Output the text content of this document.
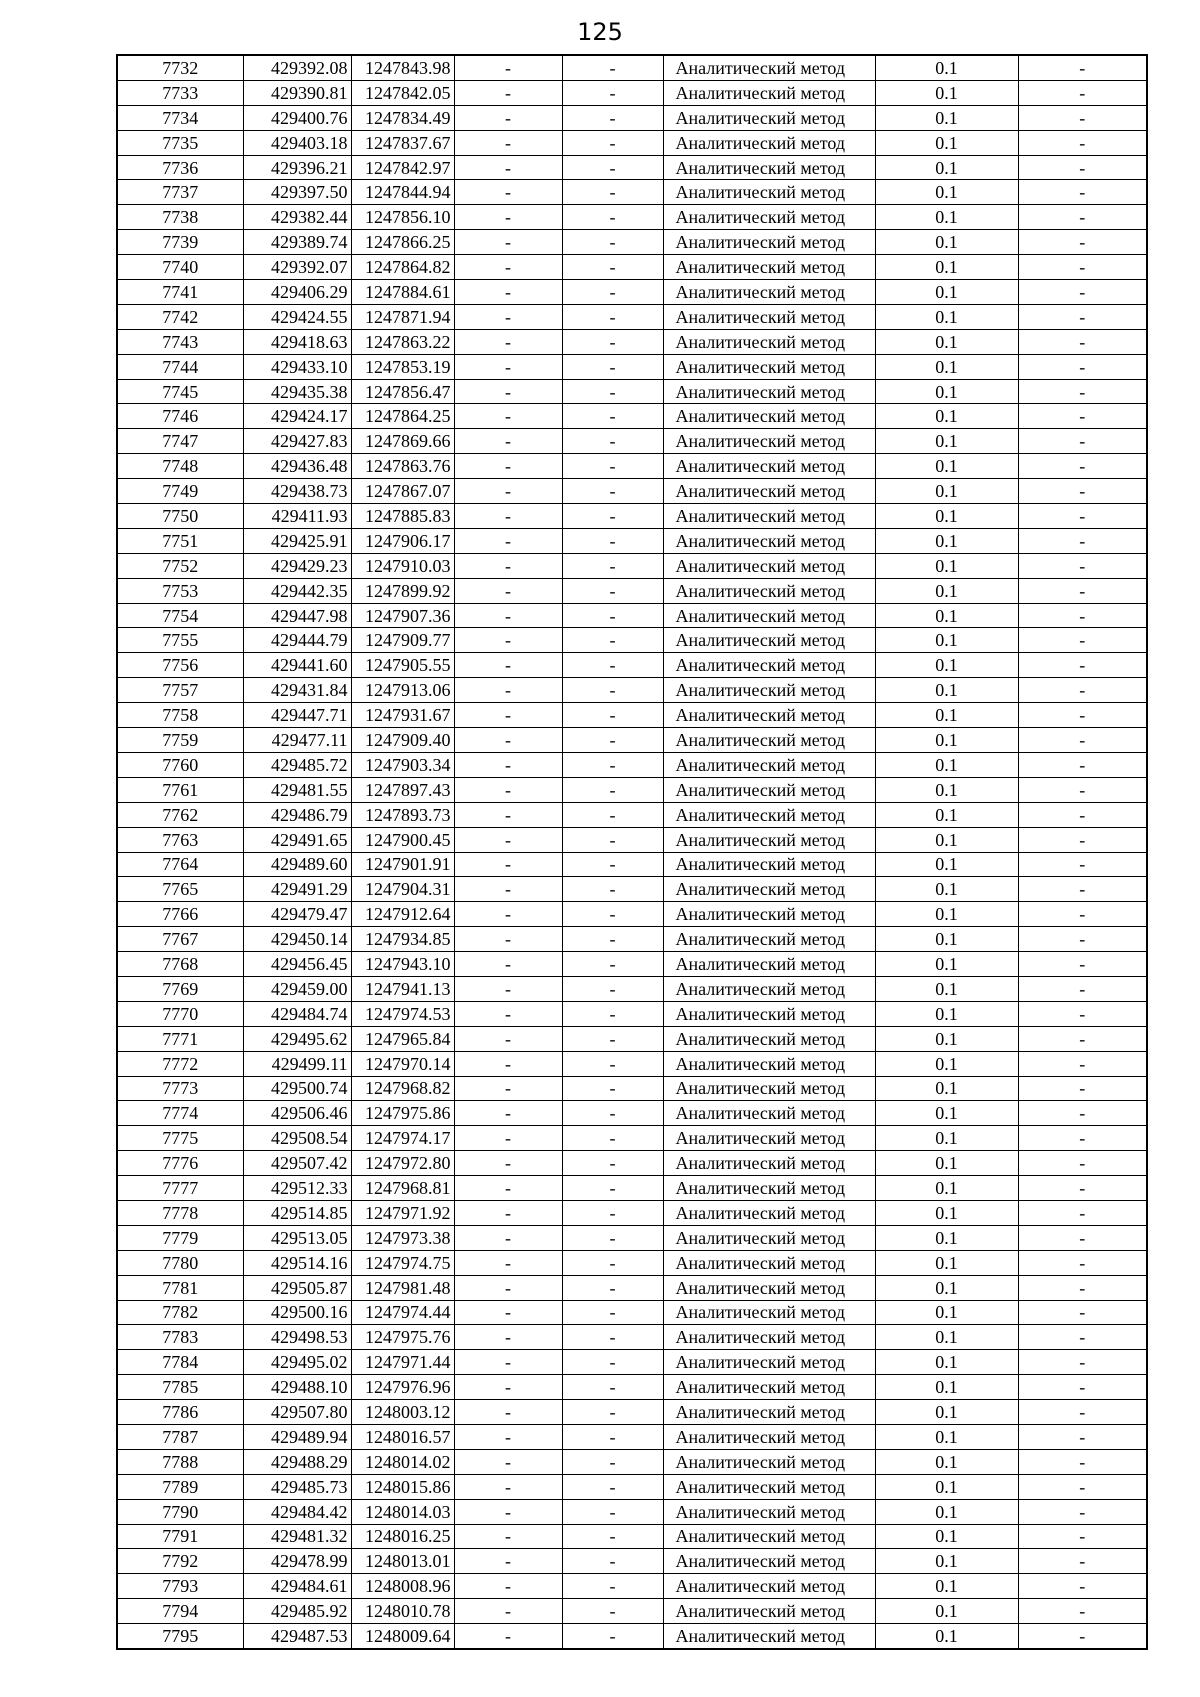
125
7732	429392.08	1247843.98	-	-	Аналитический метод	0.1	-
7733	429390.81	1247842.05	-	-	Аналитический метод	0.1	-
7734	429400.76	1247834.49	-	-	Аналитический метод	0.1	-
7735	429403.18	1247837.67	-	-	Аналитический метод	0.1	-
7736	429396.21	1247842.97	-	-	Аналитический метод	0.1	-
7737	429397.50	1247844.94	-	-	Аналитический метод	0.1	-
7738	429382.44	1247856.10	-	-	Аналитический метод	0.1	-
7739	429389.74	1247866.25	-	-	Аналитический метод	0.1	-
7740	429392.07	1247864.82	-	-	Аналитический метод	0.1	-
7741	429406.29	1247884.61	-	-	Аналитический метод	0.1	-
7742	429424.55	1247871.94	-	-	Аналитический метод	0.1	-
7743	429418.63	1247863.22	-	-	Аналитический метод	0.1	-
7744	429433.10	1247853.19	-	-	Аналитический метод	0.1	-
7745	429435.38	1247856.47	-	-	Аналитический метод	0.1	-
7746	429424.17	1247864.25	-	-	Аналитический метод	0.1	-
7747	429427.83	1247869.66	-	-	Аналитический метод	0.1	-
7748	429436.48	1247863.76	-	-	Аналитический метод	0.1	-
7749	429438.73	1247867.07	-	-	Аналитический метод	0.1	-
7750	429411.93	1247885.83	-	-	Аналитический метод	0.1	-
7751	429425.91	1247906.17	-	-	Аналитический метод	0.1	-
7752	429429.23	1247910.03	-	-	Аналитический метод	0.1	-
7753	429442.35	1247899.92	-	-	Аналитический метод	0.1	-
7754	429447.98	1247907.36	-	-	Аналитический метод	0.1	-
7755	429444.79	1247909.77	-	-	Аналитический метод	0.1	-
7756	429441.60	1247905.55	-	-	Аналитический метод	0.1	-
7757	429431.84	1247913.06	-	-	Аналитический метод	0.1	-
7758	429447.71	1247931.67	-	-	Аналитический метод	0.1	-
7759	429477.11	1247909.40	-	-	Аналитический метод	0.1	-
7760	429485.72	1247903.34	-	-	Аналитический метод	0.1	-
7761	429481.55	1247897.43	-	-	Аналитический метод	0.1	-
7762	429486.79	1247893.73	-	-	Аналитический метод	0.1	-
7763	429491.65	1247900.45	-	-	Аналитический метод	0.1	-
7764	429489.60	1247901.91	-	-	Аналитический метод	0.1	-
7765	429491.29	1247904.31	-	-	Аналитический метод	0.1	-
7766	429479.47	1247912.64	-	-	Аналитический метод	0.1	-
7767	429450.14	1247934.85	-	-	Аналитический метод	0.1	-
7768	429456.45	1247943.10	-	-	Аналитический метод	0.1	-
7769	429459.00	1247941.13	-	-	Аналитический метод	0.1	-
7770	429484.74	1247974.53	-	-	Аналитический метод	0.1	-
7771	429495.62	1247965.84	-	-	Аналитический метод	0.1	-
7772	429499.11	1247970.14	-	-	Аналитический метод	0.1	-
7773	429500.74	1247968.82	-	-	Аналитический метод	0.1	-
7774	429506.46	1247975.86	-	-	Аналитический метод	0.1	-
7775	429508.54	1247974.17	-	-	Аналитический метод	0.1	-
7776	429507.42	1247972.80	-	-	Аналитический метод	0.1	-
7777	429512.33	1247968.81	-	-	Аналитический метод	0.1	-
7778	429514.85	1247971.92	-	-	Аналитический метод	0.1	-
7779	429513.05	1247973.38	-	-	Аналитический метод	0.1	-
7780	429514.16	1247974.75	-	-	Аналитический метод	0.1	-
7781	429505.87	1247981.48	-	-	Аналитический метод	0.1	-
7782	429500.16	1247974.44	-	-	Аналитический метод	0.1	-
7783	429498.53	1247975.76	-	-	Аналитический метод	0.1	-
7784	429495.02	1247971.44	-	-	Аналитический метод	0.1	-
7785	429488.10	1247976.96	-	-	Аналитический метод	0.1	-
7786	429507.80	1248003.12	-	-	Аналитический метод	0.1	-
7787	429489.94	1248016.57	-	-	Аналитический метод	0.1	-
7788	429488.29	1248014.02	-	-	Аналитический метод	0.1	-
7789	429485.73	1248015.86	-	-	Аналитический метод	0.1	-
7790	429484.42	1248014.03	-	-	Аналитический метод	0.1	-
7791	429481.32	1248016.25	-	-	Аналитический метод	0.1	-
7792	429478.99	1248013.01	-	-	Аналитический метод	0.1	-
7793	429484.61	1248008.96	-	-	Аналитический метод	0.1	-
7794	429485.92	1248010.78	-	-	Аналитический метод	0.1	-
7795	429487.53	1248009.64	-	-	Аналитический метод	0.1	-
